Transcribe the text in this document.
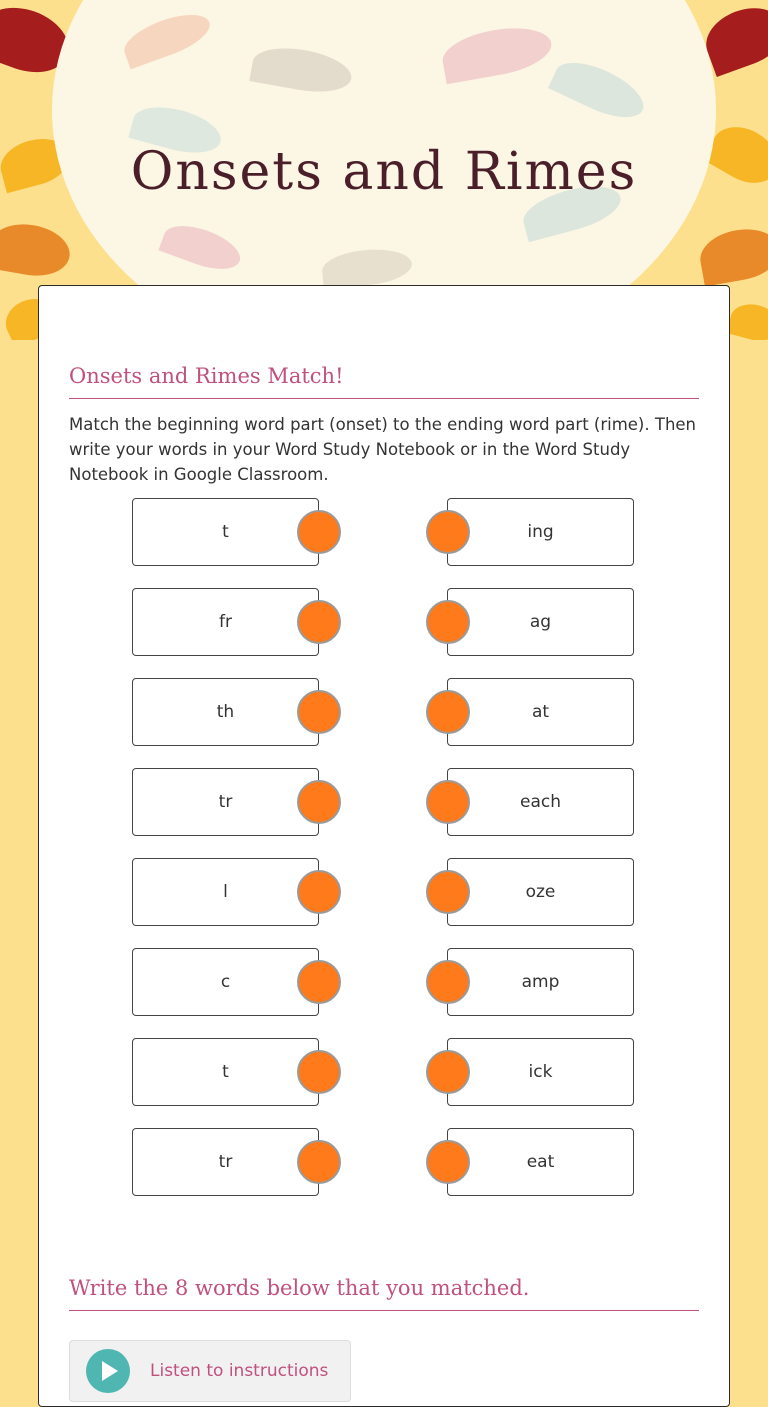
Onsets and Rimes
Onsets and Rimes Match!
Match the beginning word part (onset) to the ending word part (rime). Then write your words in your Word Study Notebook or in the Word Study Notebook in Google Classroom.
t	ing
fr	ag
th	at
tr	each
l	oze
c	amp
t	ick
tr	eat
Write the 8 words below that you matched.
Listen to instructions
